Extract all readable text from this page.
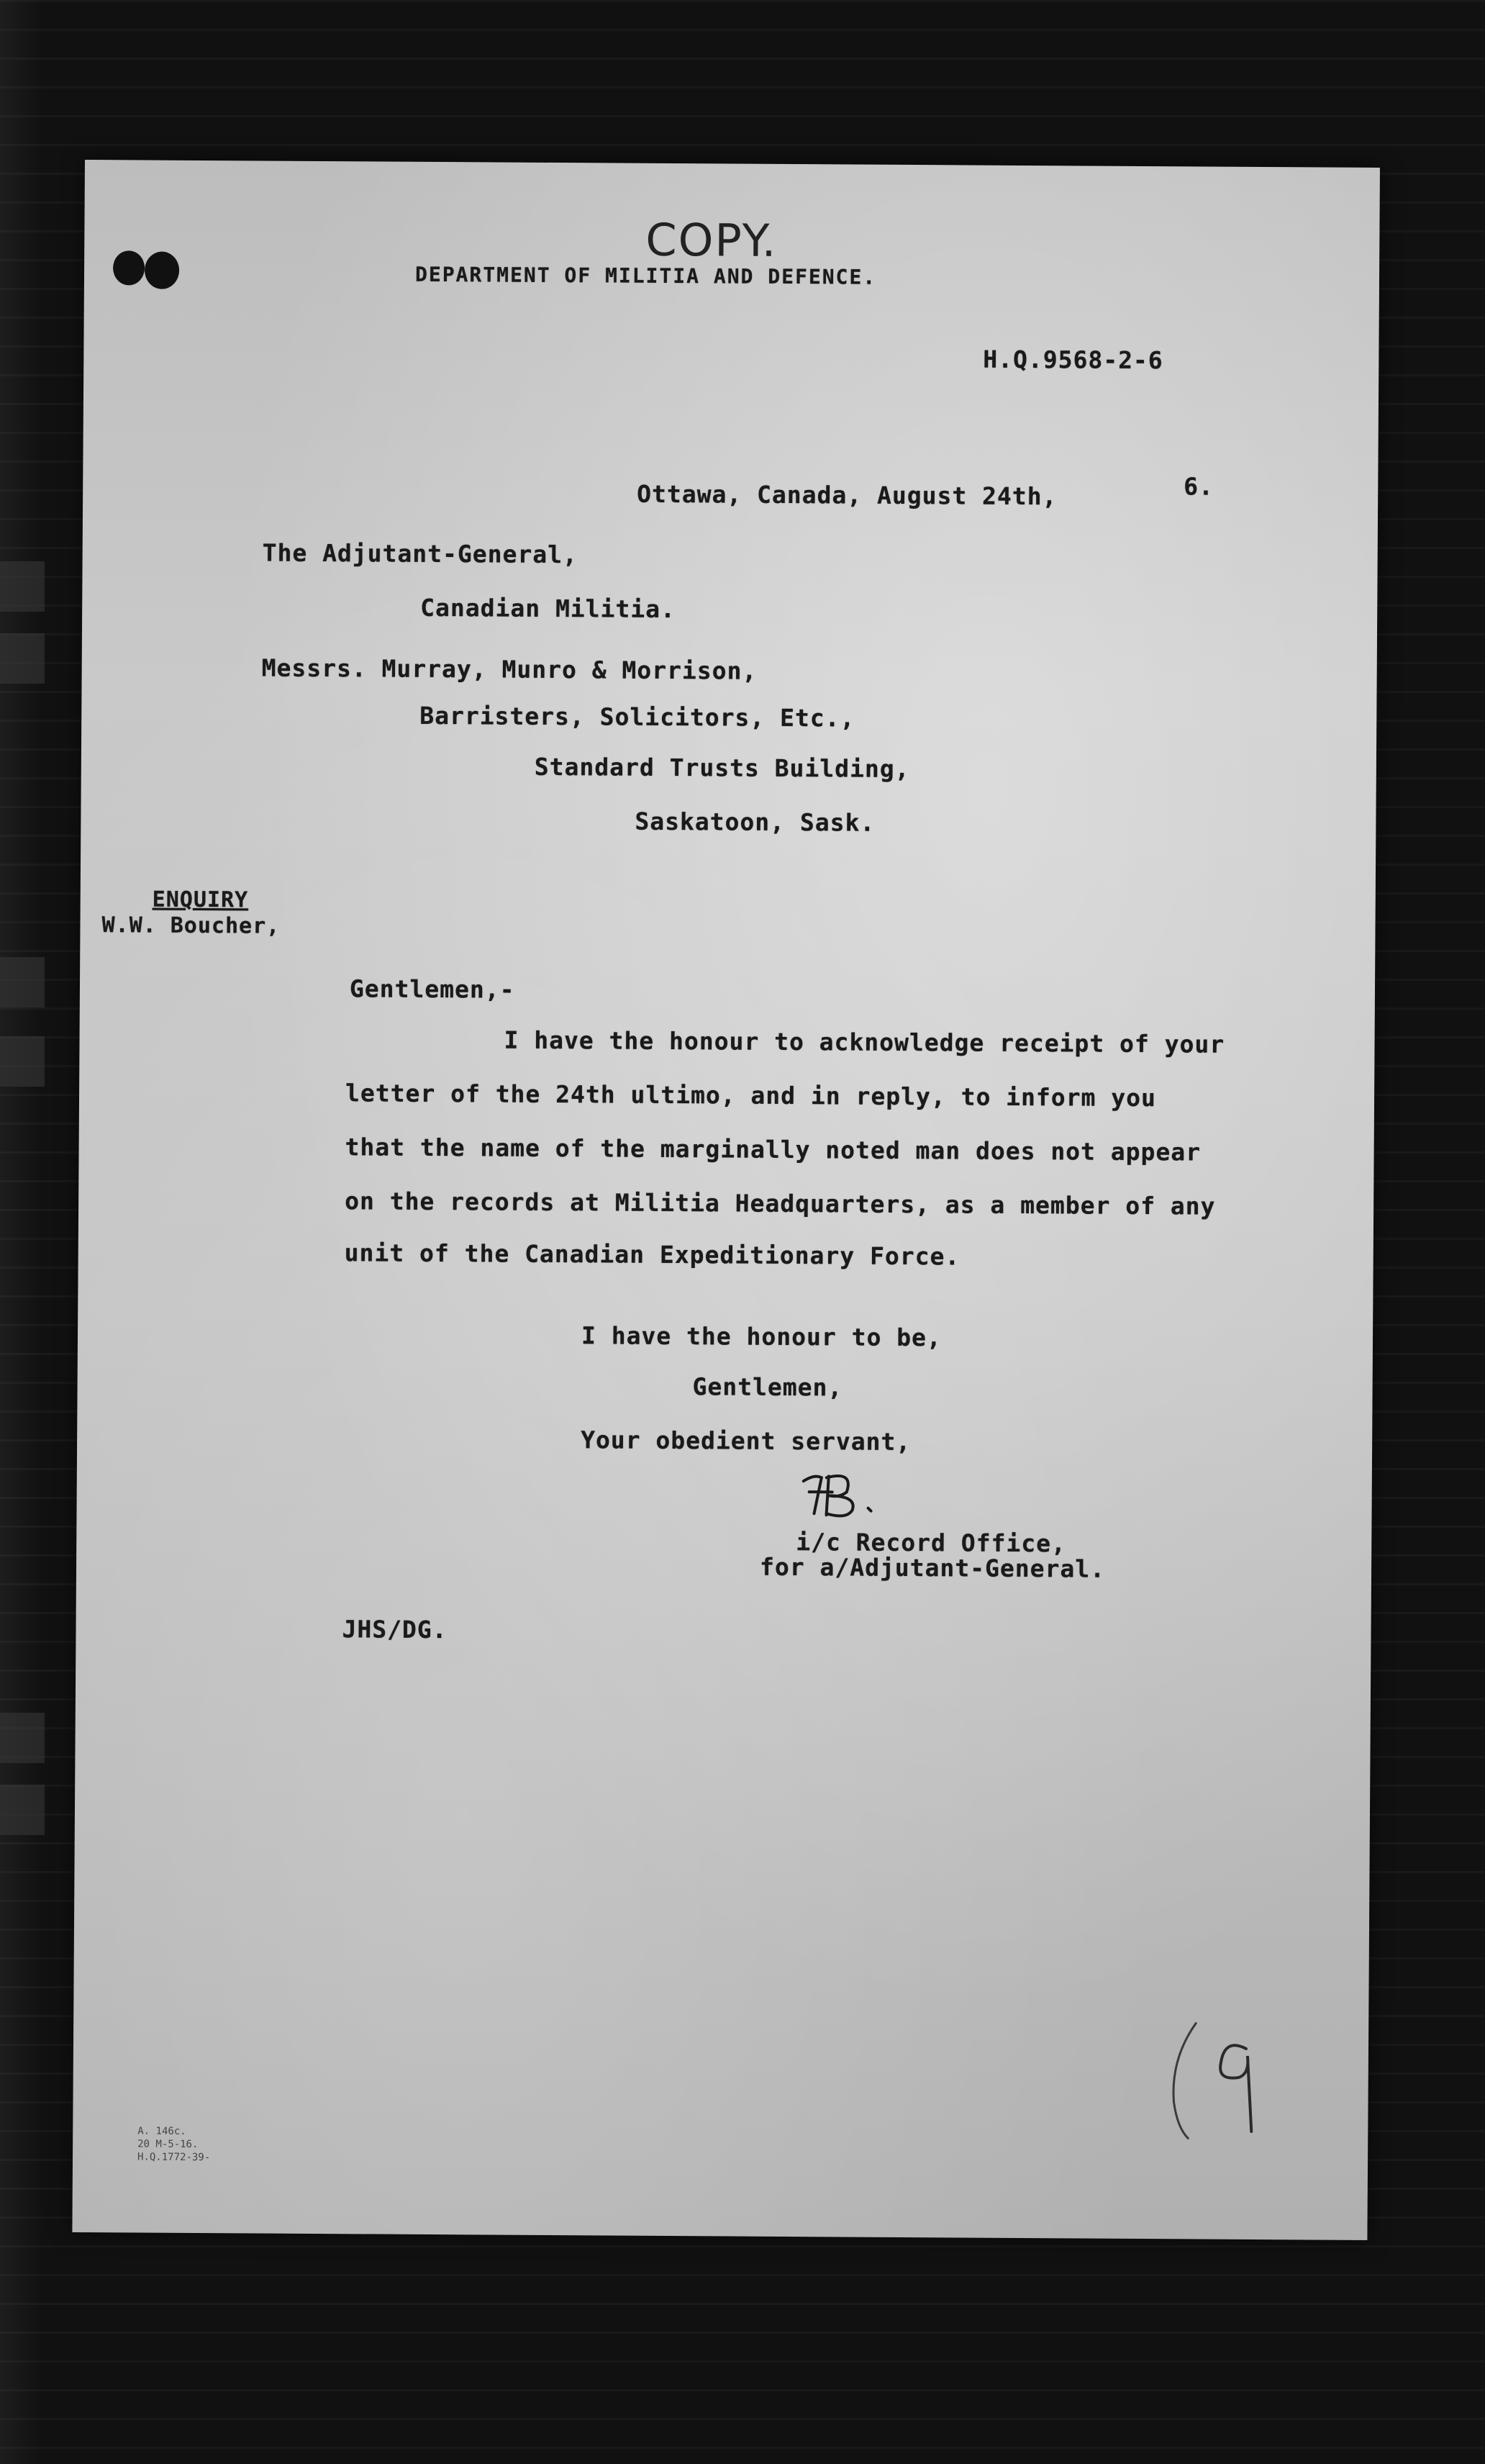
COPY.
DEPARTMENT OF MILITIA AND DEFENCE.
H.Q.9568-2-6
Ottawa, Canada, August 24th,	6.
The Adjutant-General,
Canadian Militia.
Messrs. Murray, Munro & Morrison,
Barristers, Solicitors, Etc.,
Standard Trusts Building,
Saskatoon, Sask.
ENQUIRY
W.W. Boucher,
Gentlemen,-
I have the honour to acknowledge receipt of your
letter of the 24th ultimo, and in reply, to inform you
that the name of the marginally noted man does not appear
on the records at Militia Headquarters, as a member of any
unit of the Canadian Expeditionary Force.
I have the honour to be,
Gentlemen,
Your obedient servant,
i/c Record Office,
for a/Adjutant-General.
JHS/DG.
A. 146c.
20 M-5-16.
H.Q.1772-39-
